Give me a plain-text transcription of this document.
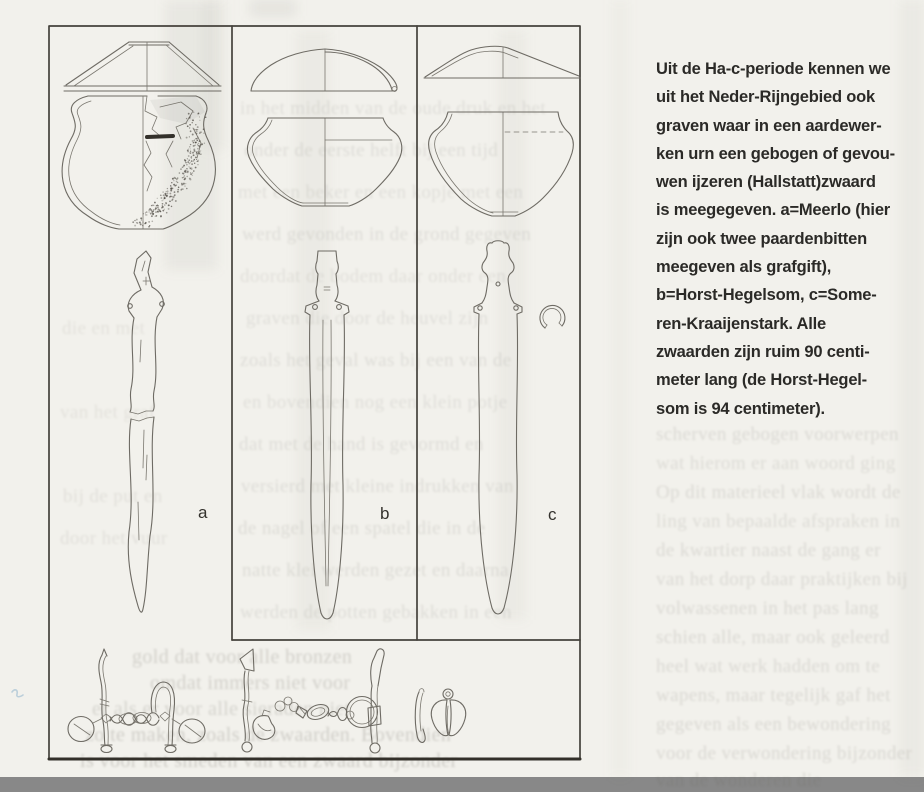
in het midden van de oude druk en het
onder de eerste helft bij een tijd
met een beker en een kopje met een
werd gevonden in de grond gegeven
doordat de bodem daar onder een
graven die door de heuvel zijn
zoals het geval was bij een van de
en bovendien nog een klein potje
dat met de hand is gevormd en
versierd met kleine indrukken van
de nagel of een spatel die in de
natte klei werden gezet en daarna
werden de potten gebakken in een
die en met
van het graf
bij de put en
door het vuur
gold dat voor alle bronzen
omdat immers niet voor
er als er voor alle sieraden niet
zo te maken, zoals de zwaarden. Bovendien
is voor het smeden van een zwaard bijzonder
scherven gebogen voorwerpen
wat hierom er aan woord ging
Op dit materieel vlak wordt de
ling van bepaalde afspraken in
de kwartier naast de gang er
van het dorp daar praktijken bij
volwassenen in het pas lang
schien alle, maar ook geleerd
heel wat werk hadden om te
wapens, maar tegelijk gaf het
gegeven als een bewondering
voor de verwondering bijzonder
van de wonderen die
a	b	c
Uit de Ha-c-periode kennen we
uit het Neder-Rijngebied ook
graven waar in een aardewer-
ken urn een gebogen of gevou-
wen ijzeren (Hallstatt)zwaard
is meegegeven. a=Meerlo (hier
zijn ook twee paardenbitten
meegeven als grafgift),
b=Horst-Hegelsom, c=Some-
ren-Kraaijenstark. Alle
zwaarden zijn ruim 90 centi-
meter lang (de Horst-Hegel-
som is 94 centimeter).
